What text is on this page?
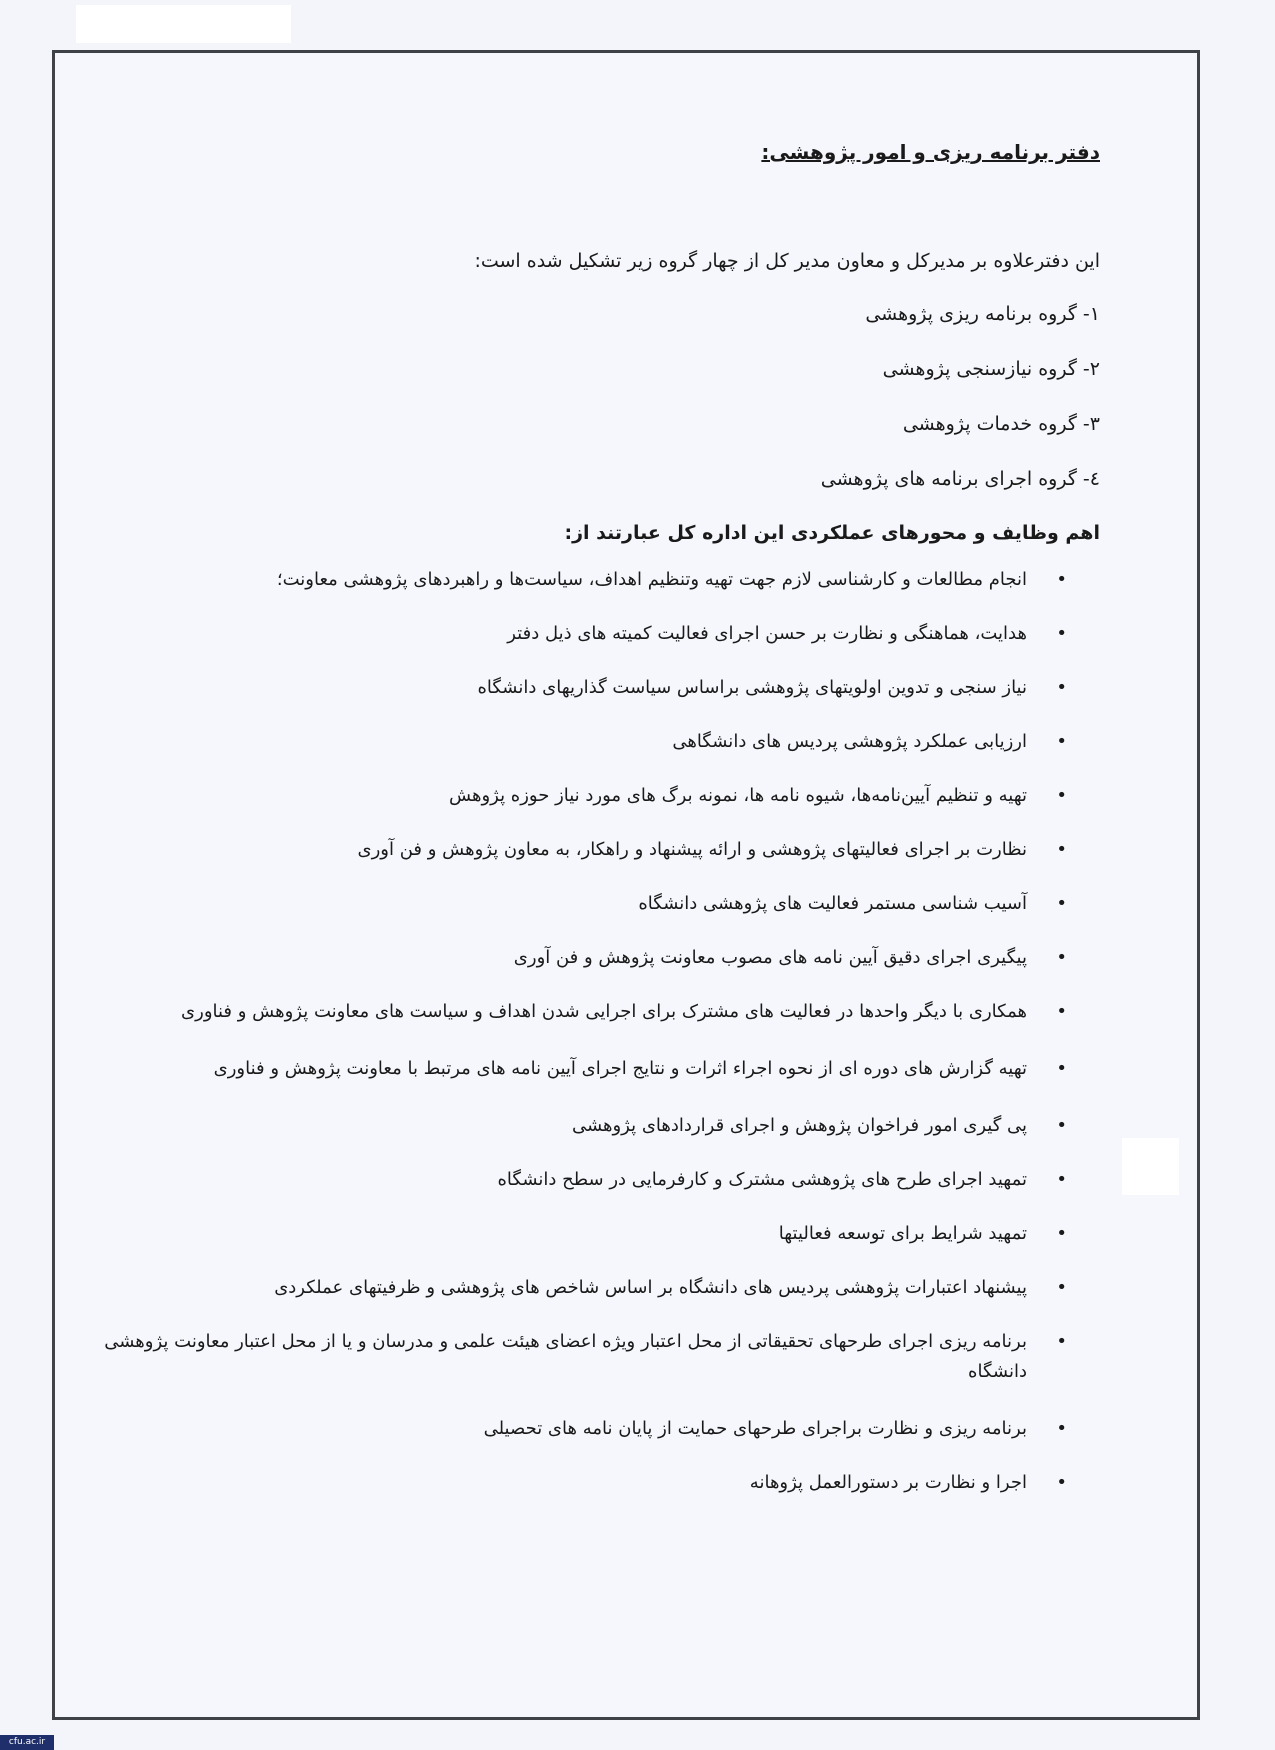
دفتر برنامه ریزی و امور پژوهشی:
این دفترعلاوه بر مدیرکل و معاون مدیر کل از چهار گروه زیر تشکیل شده است:
۱- گروه برنامه ریزی پژوهشی
۲- گروه نیازسنجی پژوهشی
۳- گروه خدمات پژوهشی
٤- گروه اجرای برنامه های پژوهشی
اهم وظایف و محورهای عملکردی این اداره کل عبارتند از:
• انجام مطالعات و کارشناسی لازم جهت تهیه وتنظیم اهداف، سیاست‌ها و راهبردهای پژوهشی معاونت؛
• هدایت، هماهنگی و نظارت بر حسن اجرای فعالیت کمیته های ذیل دفتر
• نیاز سنجی و تدوین اولویتهای پژوهشی براساس سیاست گذاریهای دانشگاه
• ارزیابی عملکرد پژوهشی پردیس های دانشگاهی
• تهیه و تنظیم آیین‌نامه‌ها، شیوه نامه ها، نمونه برگ های مورد نیاز حوزه پژوهش
• نظارت بر اجرای فعالیتهای پژوهشی و ارائه پیشنهاد و راهکار، به معاون پژوهش و فن آوری
• آسیب شناسی مستمر فعالیت های پژوهشی دانشگاه
• پیگیری اجرای دقیق آیین نامه های مصوب معاونت پژوهش و فن آوری
• همکاری با دیگر واحدها در فعالیت های مشترک برای اجرایی شدن اهداف و سیاست های معاونت پژوهش و فناوری
• تهیه گزارش های دوره ای از نحوه اجراء اثرات و نتایج اجرای آیین نامه های مرتبط با معاونت پژوهش و فناوری
• پی گیری امور فراخوان پژوهش و اجرای قراردادهای پژوهشی
• تمهید اجرای طرح های پژوهشی مشترک و کارفرمایی در سطح دانشگاه
• تمهید شرایط برای توسعه فعالیتها
• پیشنهاد اعتبارات پژوهشی پردیس های دانشگاه بر اساس شاخص های پژوهشی و ظرفیتهای عملکردی
• برنامه ریزی اجرای طرحهای تحقیقاتی از محل اعتبار ویژه اعضای هیئت علمی و مدرسان و یا از محل اعتبار معاونت پژوهشی دانشگاه
• برنامه ریزی و نظارت براجرای طرحهای حمایت از پایان نامه های تحصیلی
• اجرا و نظارت بر دستورالعمل پژوهانه
cfu.ac.ir
